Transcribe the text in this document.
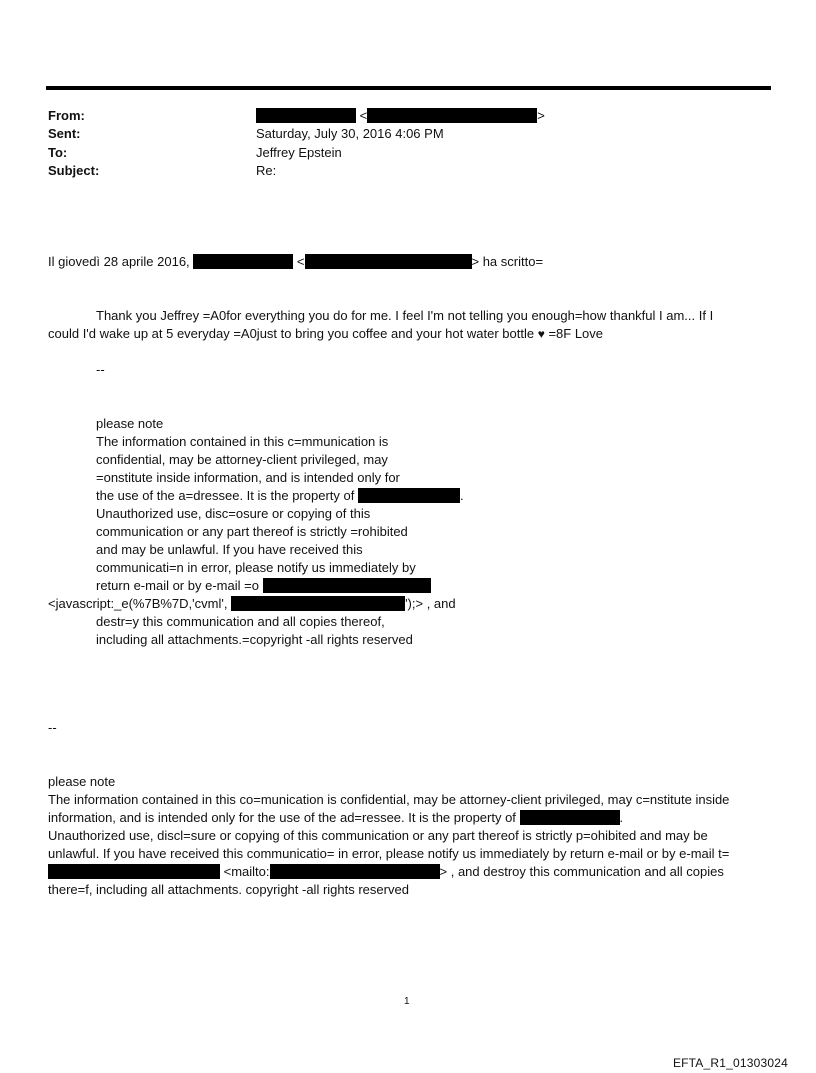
From:	<	>
Sent:	Saturday, July 30, 2016 4:06 PM
To:	Jeffrey Epstein
Subject:	Re:
Il giovedì 28 aprile 2016,	<	> ha scritto=
Thank you Jeffrey =A0for everything you do for me. I feel I'm not telling you enough=how thankful I am... If I
could I'd wake up at 5 everyday =A0just to bring you coffee and your hot water bottle ♥ =8F Love
--
please note
The information contained in this c=mmunication is
confidential, may be attorney-client privileged, may
=onstitute inside information, and is intended only for
the use of the a=dressee. It is the property of	.
Unauthorized use, disc=osure or copying of this
communication or any part thereof is strictly =rohibited
and may be unlawful. If you have received this
communicati=n in error, please notify us immediately by
return e-mail or by e-mail =o
<javascript:_e(%7B%7D,'cvml',	');> , and
destr=y this communication and all copies thereof,
including all attachments.=copyright -all rights reserved
--
please note
The information contained in this co=munication is confidential, may be attorney-client privileged, may c=nstitute inside
information, and is intended only for the use of the ad=ressee. It is the property of	.
Unauthorized use, discl=sure or copying of this communication or any part thereof is strictly p=ohibited and may be
unlawful. If you have received this communicatio= in error, please notify us immediately by return e-mail or by e-mail t=
<mailto:	> , and destroy this communication and all copies
there=f, including all attachments. copyright -all rights reserved
1
EFTA_R1_01303024
